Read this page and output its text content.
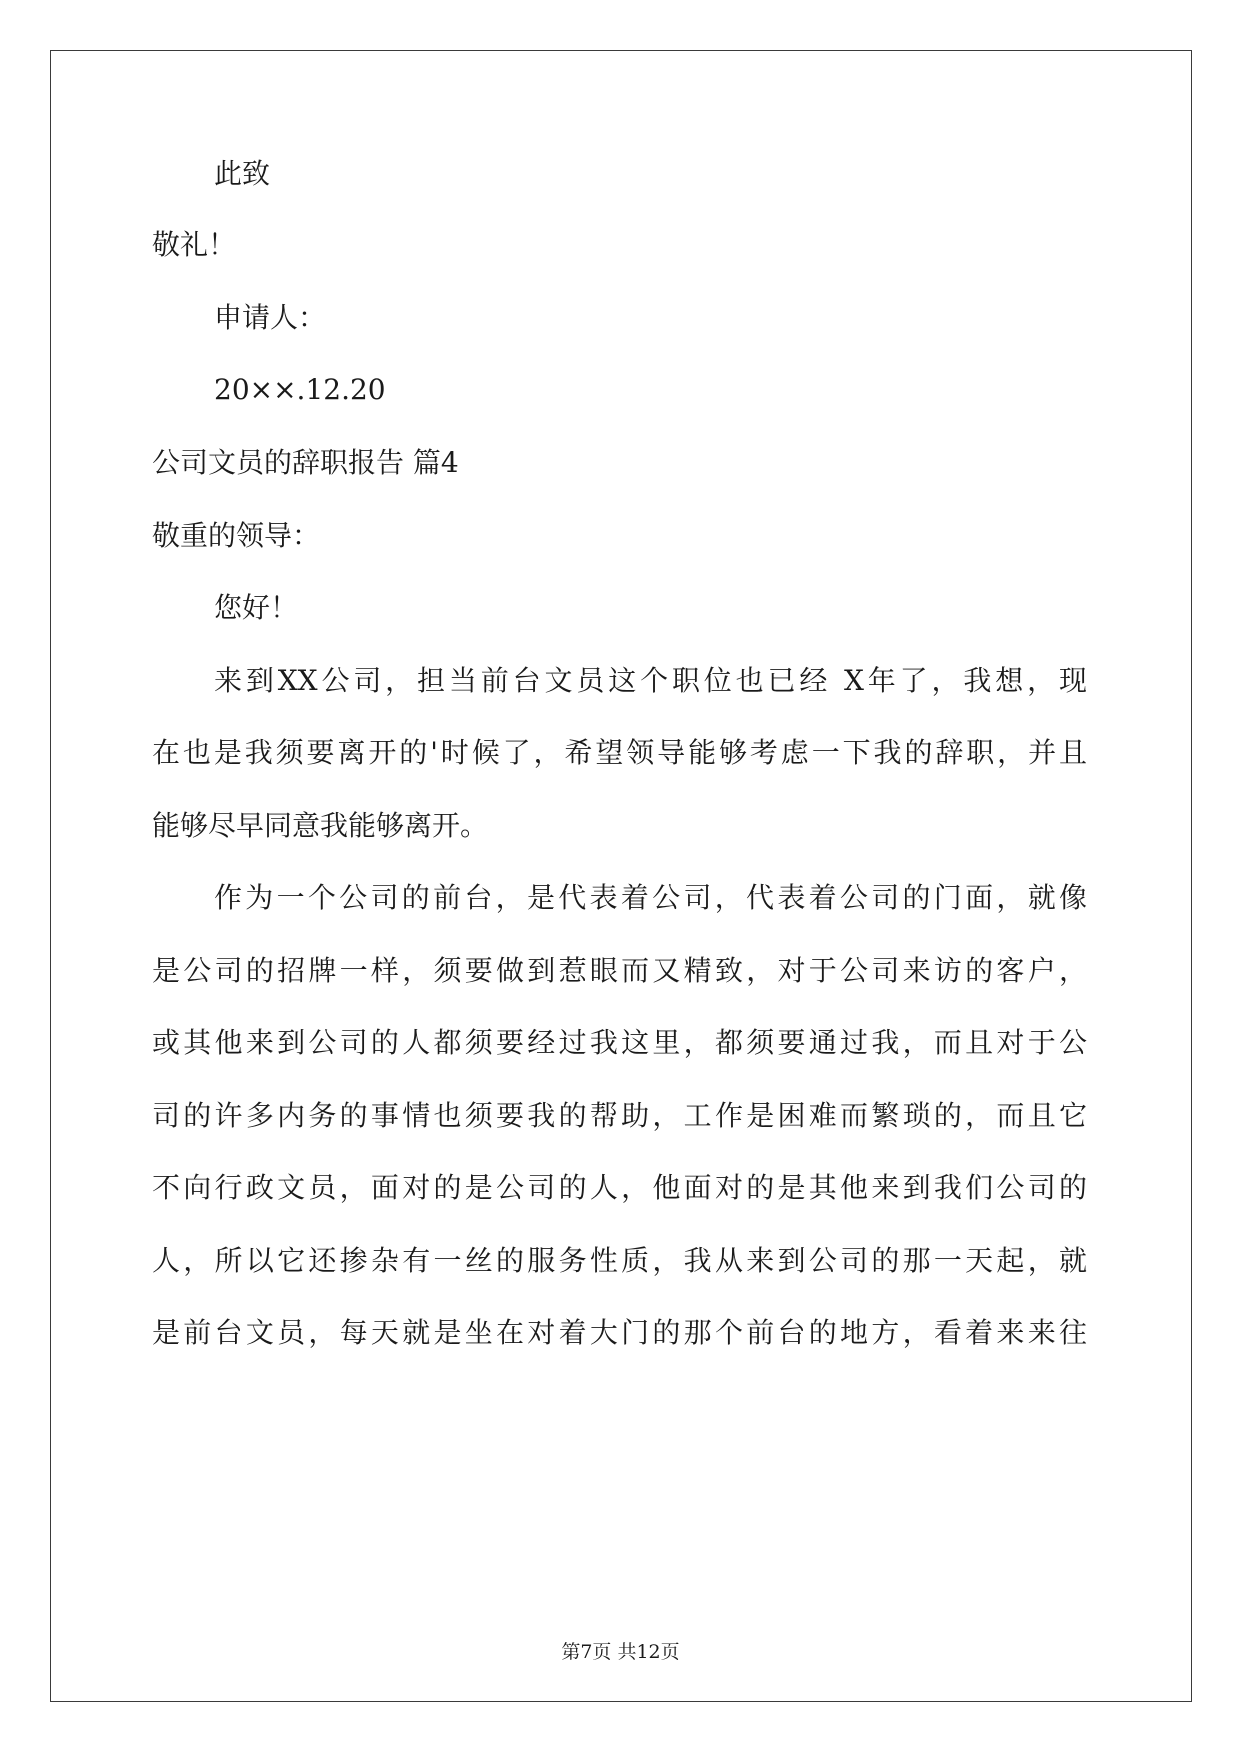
此致

敬礼！

申请人：

20××.12.20

公司文员的辞职报告 篇4

敬重的领导：

您好！

来到XX公司，担当前台文员这个职位也已经 X年了，我想，现

在也是我须要离开的'时候了，希望领导能够考虑一下我的辞职，并且

能够尽早同意我能够离开。

作为一个公司的前台，是代表着公司，代表着公司的门面，就像

是公司的招牌一样，须要做到惹眼而又精致，对于公司来访的客户，

或其他来到公司的人都须要经过我这里，都须要通过我，而且对于公

司的许多内务的事情也须要我的帮助，工作是困难而繁琐的，而且它

不向行政文员，面对的是公司的人，他面对的是其他来到我们公司的

人，所以它还掺杂有一丝的服务性质，我从来到公司的那一天起，就

是前台文员，每天就是坐在对着大门的那个前台的地方，看着来来往

第7页 共12页
